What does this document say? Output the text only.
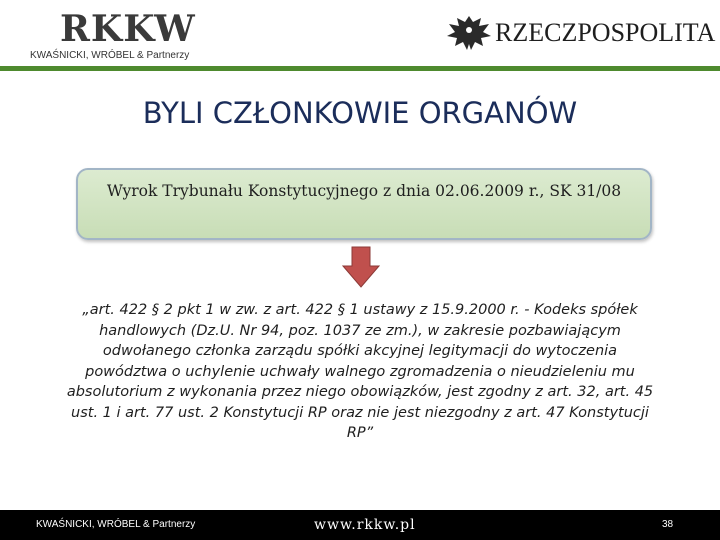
RKKW
KWAŚNICKI, WRÓBEL & Partnerzy
RZECZPOSPOLITA
BYLI CZŁONKOWIE ORGANÓW
Wyrok Trybunału Konstytucyjnego z dnia 02.06.2009 r., SK 31/08
„art. 422 § 2 pkt 1 w zw. z art. 422 § 1 ustawy z 15.9.2000 r. - Kodeks spółek handlowych (Dz.U. Nr 94, poz. 1037 ze zm.), w zakresie pozbawiającym odwołanego członka zarządu spółki akcyjnej legitymacji do wytoczenia powództwa o uchylenie uchwały walnego zgromadzenia o nieudzieleniu mu absolutorium z wykonania przez niego obowiązków, jest zgodny z art. 32, art. 45 ust. 1 i art. 77 ust. 2 Konstytucji RP oraz nie jest niezgodny z art. 47 Konstytucji RP”
KWAŚNICKI, WRÓBEL & Partnerzy	www.rkkw.pl	38
